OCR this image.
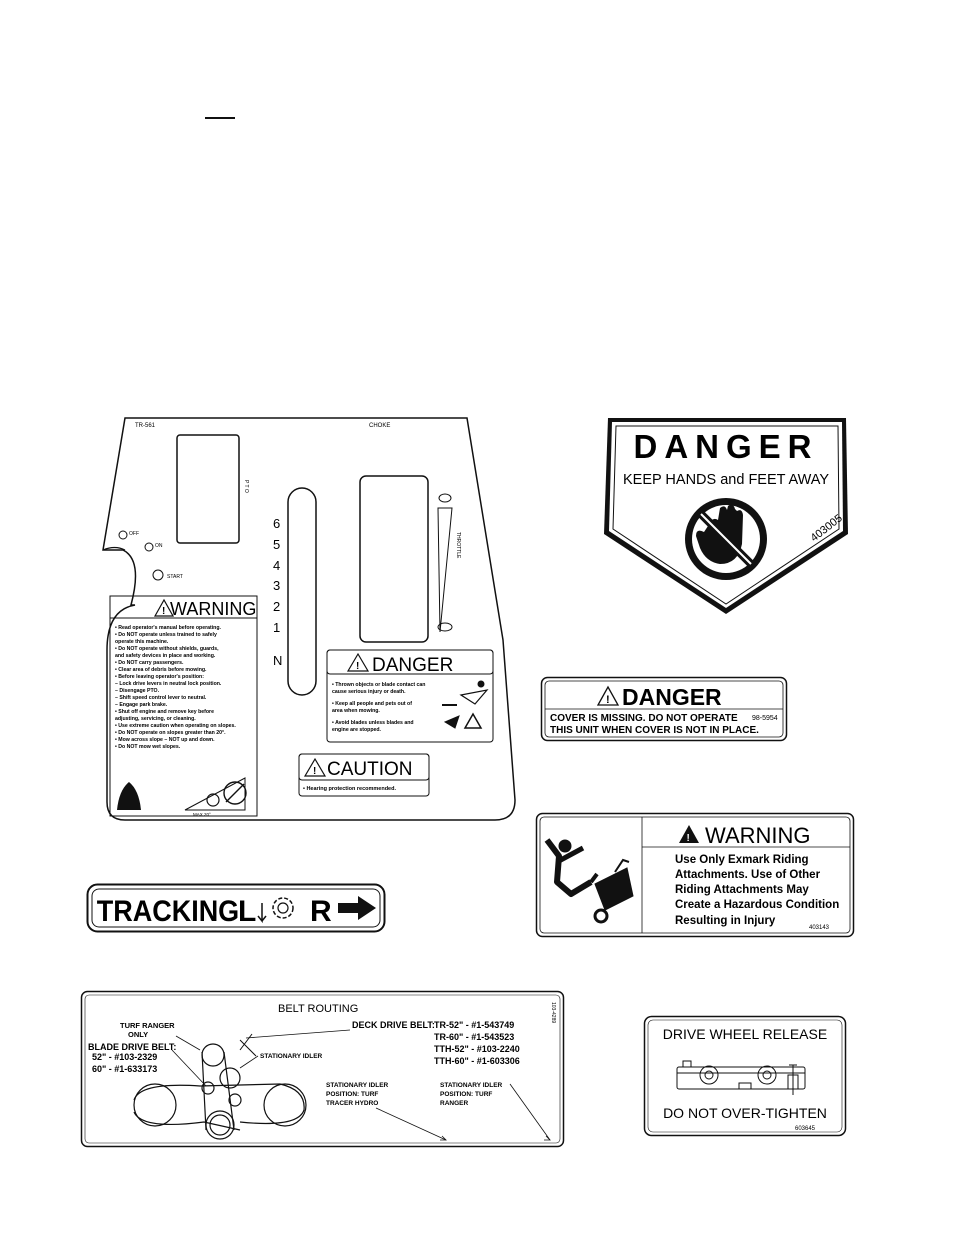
TR-561	CHOKE
P T O
OFF
ON
START
6
5
4
3
2
1
N
THROTTLE
! WARNING
• Read operator's manual before operating.
• Do NOT operate unless trained to safely
operate this machine.
• Do NOT operate without shields, guards,
and safety devices in place and working.
• Do NOT carry passengers.
• Clear area of debris before mowing.
• Before leaving operator's position:
– Lock drive levers in neutral lock position.
– Disengage PTO.
– Shift speed control lever to neutral.
– Engage park brake.
• Shut off engine and remove key before
adjusting, servicing, or cleaning.
• Use extreme caution when operating on slopes.
• Do NOT operate on slopes greater than 20°.
• Mow across slope – NOT up and down.
• Do NOT mow wet slopes.
MAX 20°
! DANGER
• Thrown objects or blade contact can
cause serious injury or death.
• Keep all people and pets out of
area when mowing.
• Avoid blades unless blades and
engine are stopped.
! CAUTION
• Hearing protection recommended.
DANGER
KEEP HANDS and FEET AWAY
403005
! DANGER
COVER IS MISSING. DO NOT OPERATE
THIS UNIT WHEN COVER IS NOT IN PLACE.
98-5954
! WARNING
Use Only Exmark Riding
Attachments. Use of Other
Riding Attachments May
Create a Hazardous Condition
Resulting in Injury
403143
TRACKING
L R
BELT ROUTING	103-4289
TURF RANGER
ONLY
BLADE DRIVE BELT:
52" - #103-2329
60" - #1-633173
DECK DRIVE BELT: TR-52" - #1-543749
TR-60" - #1-543523
TTH-52" - #103-2240
TTH-60" - #1-603306
STATIONARY IDLER
STATIONARY IDLER
POSITION: TURF
TRACER HYDRO
STATIONARY IDLER
POSITION: TURF
RANGER
DRIVE WHEEL RELEASE
DO NOT OVER-TIGHTEN
603645
